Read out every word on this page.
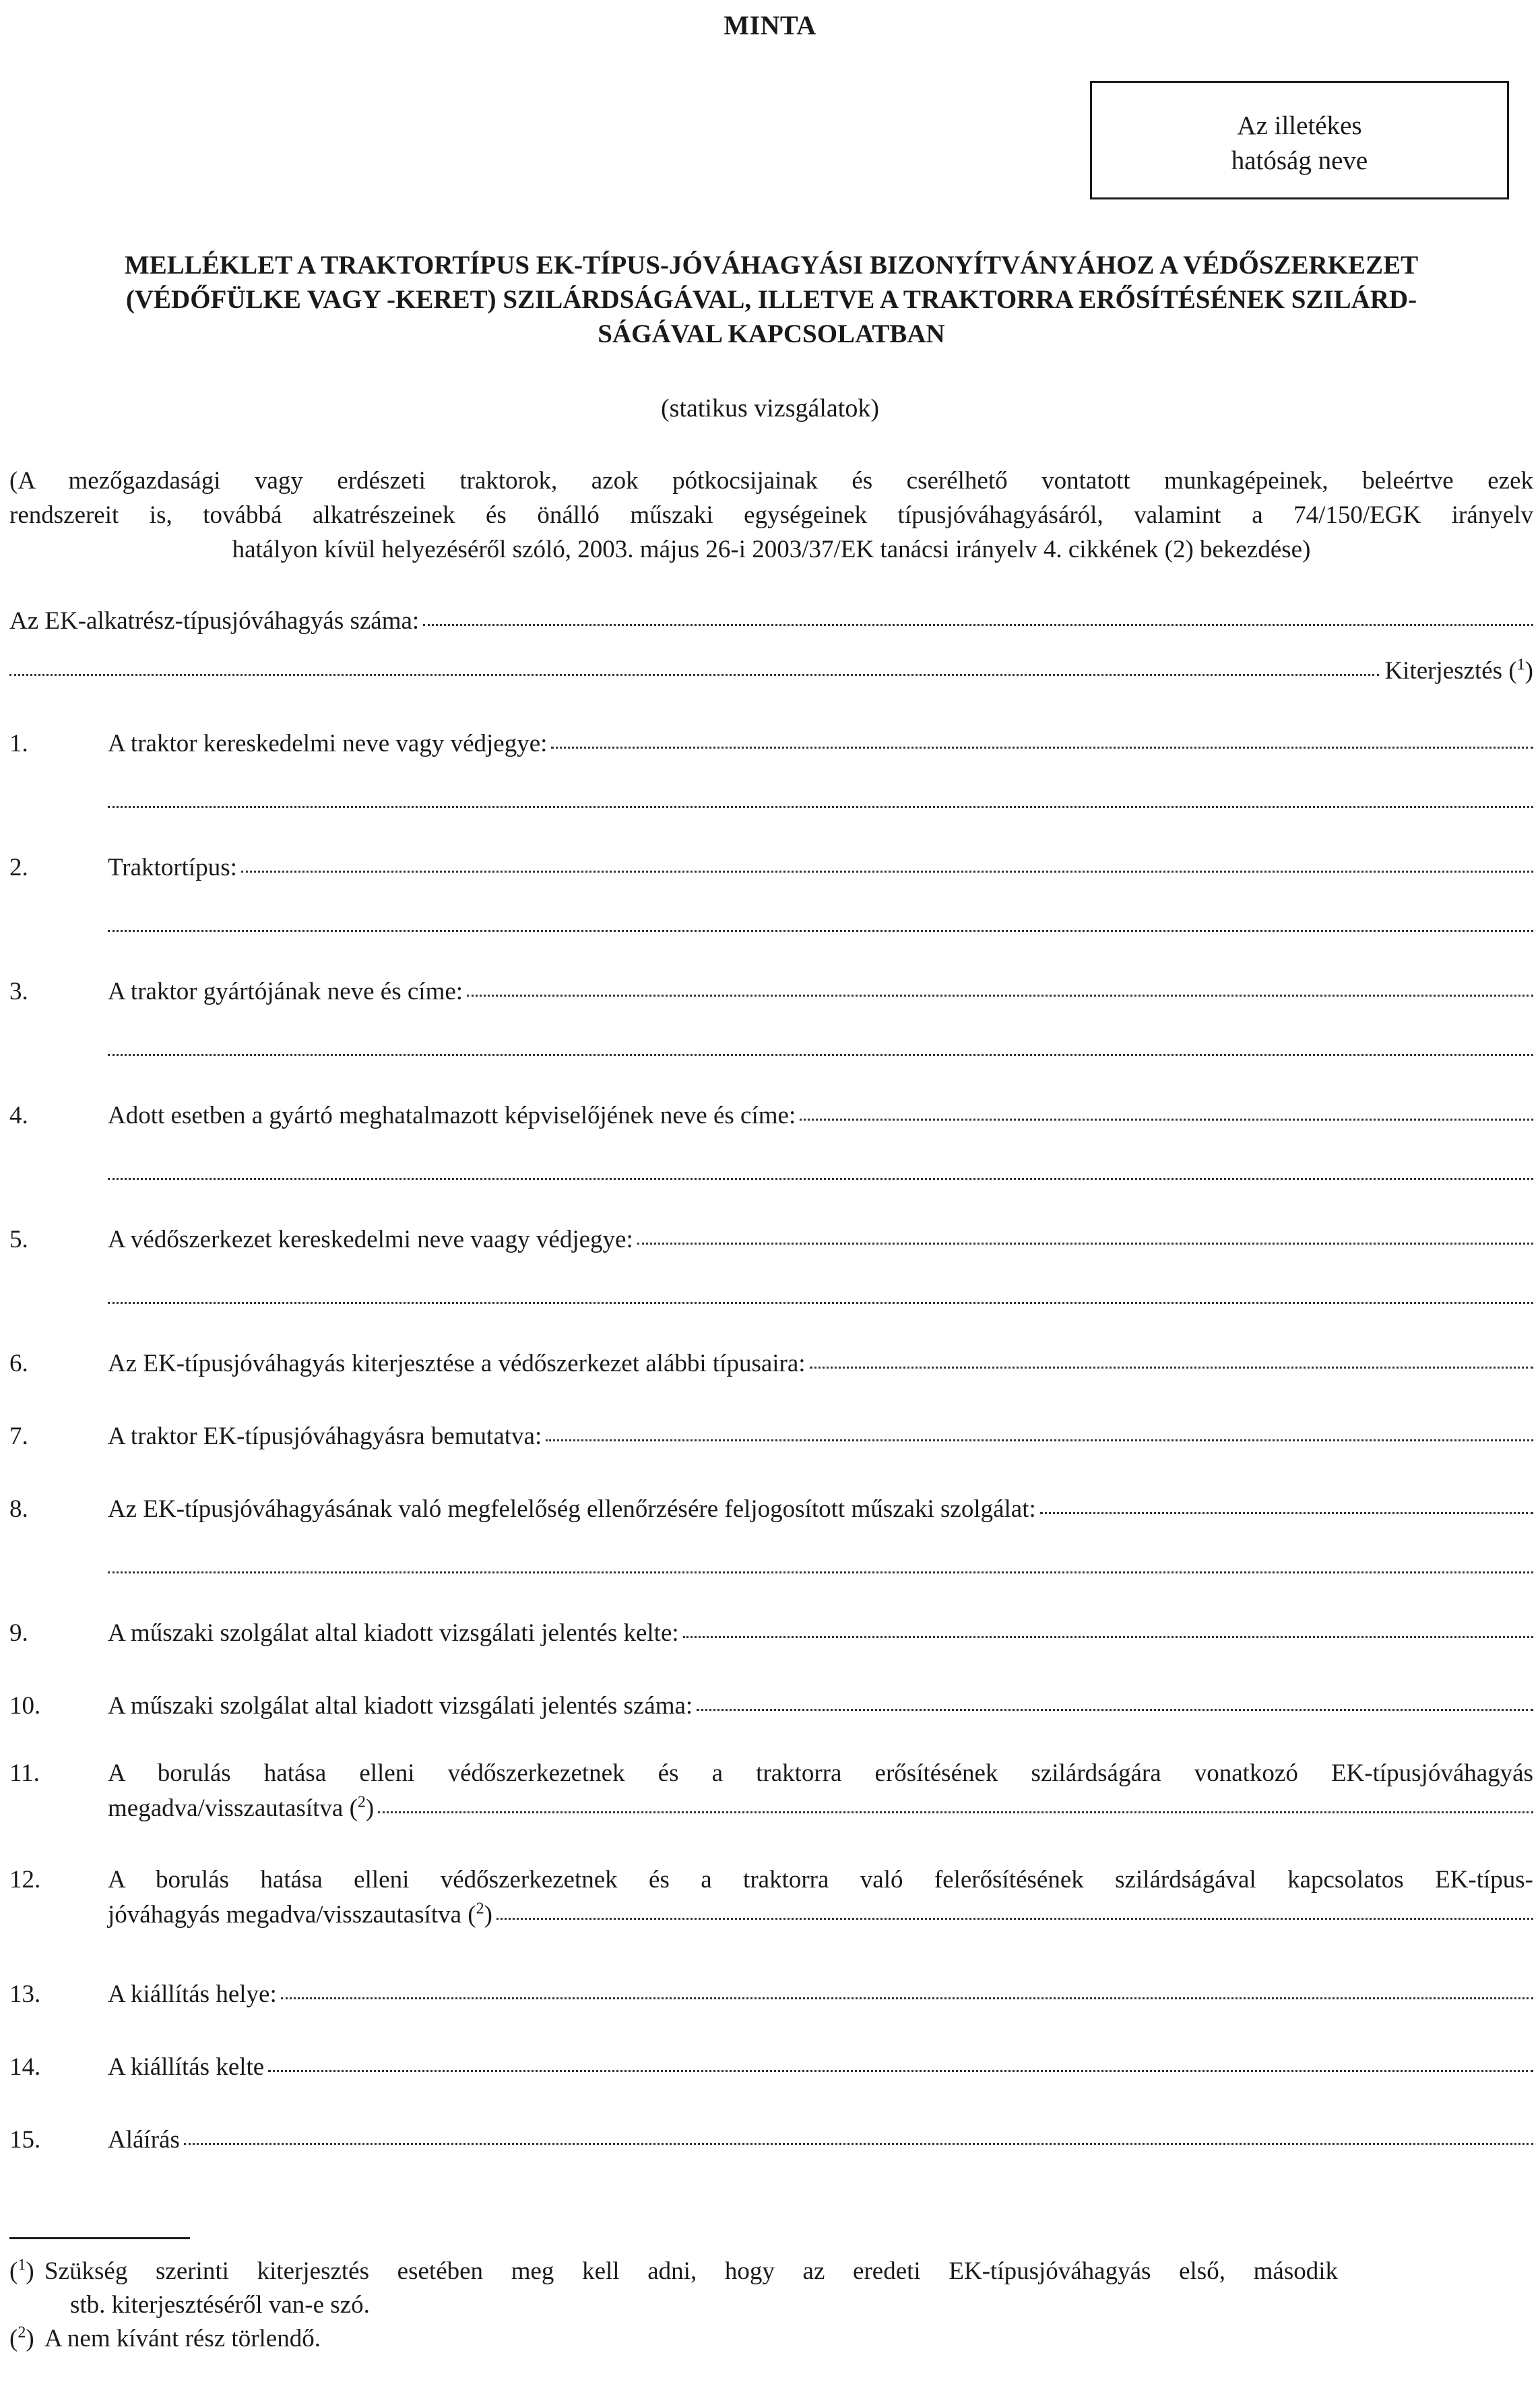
MINTA
Az illetékes
hatóság neve
MELLÉKLET A TRAKTORTÍPUS EK-TÍPUS-JÓVÁHAGYÁSI BIZONYÍTVÁNYÁHOZ A VÉDŐSZERKEZET
(VÉDŐFÜLKE VAGY -KERET) SZILÁRDSÁGÁVAL, ILLETVE A TRAKTORRA ERŐSÍTÉSÉNEK SZILÁRD-
SÁGÁVAL KAPCSOLATBAN
(statikus vizsgálatok)
(A mezőgazdasági vagy erdészeti traktorok, azok pótkocsijainak és cserélhető vontatott munkagépeinek, beleértve ezek
rendszereit is, továbbá alkatrészeinek és önálló műszaki egységeinek típusjóváhagyásáról, valamint a 74/150/EGK irányelv
hatályon kívül helyezéséről szóló, 2003. május 26-i 2003/37/EK tanácsi irányelv 4. cikkének (2) bekezdése)
Az EK-alkatrész-típusjóváhagyás száma:
Kiterjesztés ($^1$)
1.	A traktor kereskedelmi neve vagy védjegye:
2.	Traktortípus:
3.	A traktor gyártójának neve és címe:
4.	Adott esetben a gyártó meghatalmazott képviselőjének neve és címe:
5.	A védőszerkezet kereskedelmi neve vaagy védjegye:
6.	Az EK-típusjóváhagyás kiterjesztése a védőszerkezet alábbi típusaira:
7.	A traktor EK-típusjóváhagyásra bemutatva:
8.	Az EK-típusjóváhagyásának való megfelelőség ellenőrzésére feljogosított műszaki szolgálat:
9.	A műszaki szolgálat altal kiadott vizsgálati jelentés kelte:
10.	A műszaki szolgálat altal kiadott vizsgálati jelentés száma:
11.	A borulás hatása elleni védőszerkezetnek és a traktorra erősítésének szilárdságára vonatkozó EK-típusjóváhagyás
megadva/visszautasítva ($^2$)
12.	A borulás hatása elleni védőszerkezetnek és a traktorra való felerősítésének szilárdságával kapcsolatos EK-típus-
jóváhagyás megadva/visszautasítva ($^2$)
13.	A kiállítás helye:
14.	A kiállítás kelte
15.	Aláírás
($^1$) Szükség szerinti kiterjesztés esetében meg kell adni, hogy az eredeti EK-típusjóváhagyás első, második
stb. kiterjesztéséről van-e szó.
($^2$) A nem kívánt rész törlendő.
